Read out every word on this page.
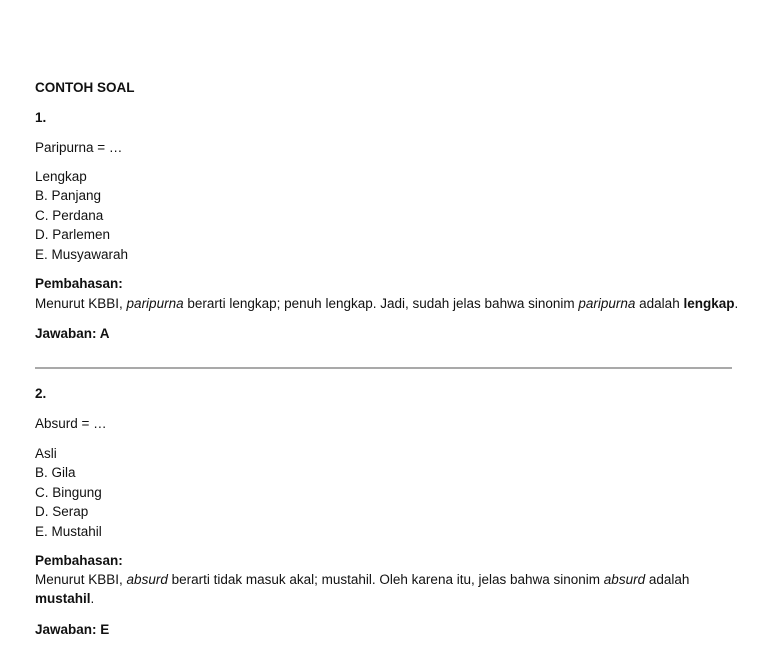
CONTOH SOAL
1.
Paripurna = …
Lengkap
B. Panjang
C. Perdana
D. Parlemen
E. Musyawarah
Pembahasan:
Menurut KBBI, paripurna berarti lengkap; penuh lengkap. Jadi, sudah jelas bahwa sinonim paripurna adalah lengkap.
Jawaban: A
2.
Absurd = …
Asli
B. Gila
C. Bingung
D. Serap
E. Mustahil
Pembahasan:
Menurut KBBI, absurd berarti tidak masuk akal; mustahil. Oleh karena itu, jelas bahwa sinonim absurd adalah
mustahil.
Jawaban: E
